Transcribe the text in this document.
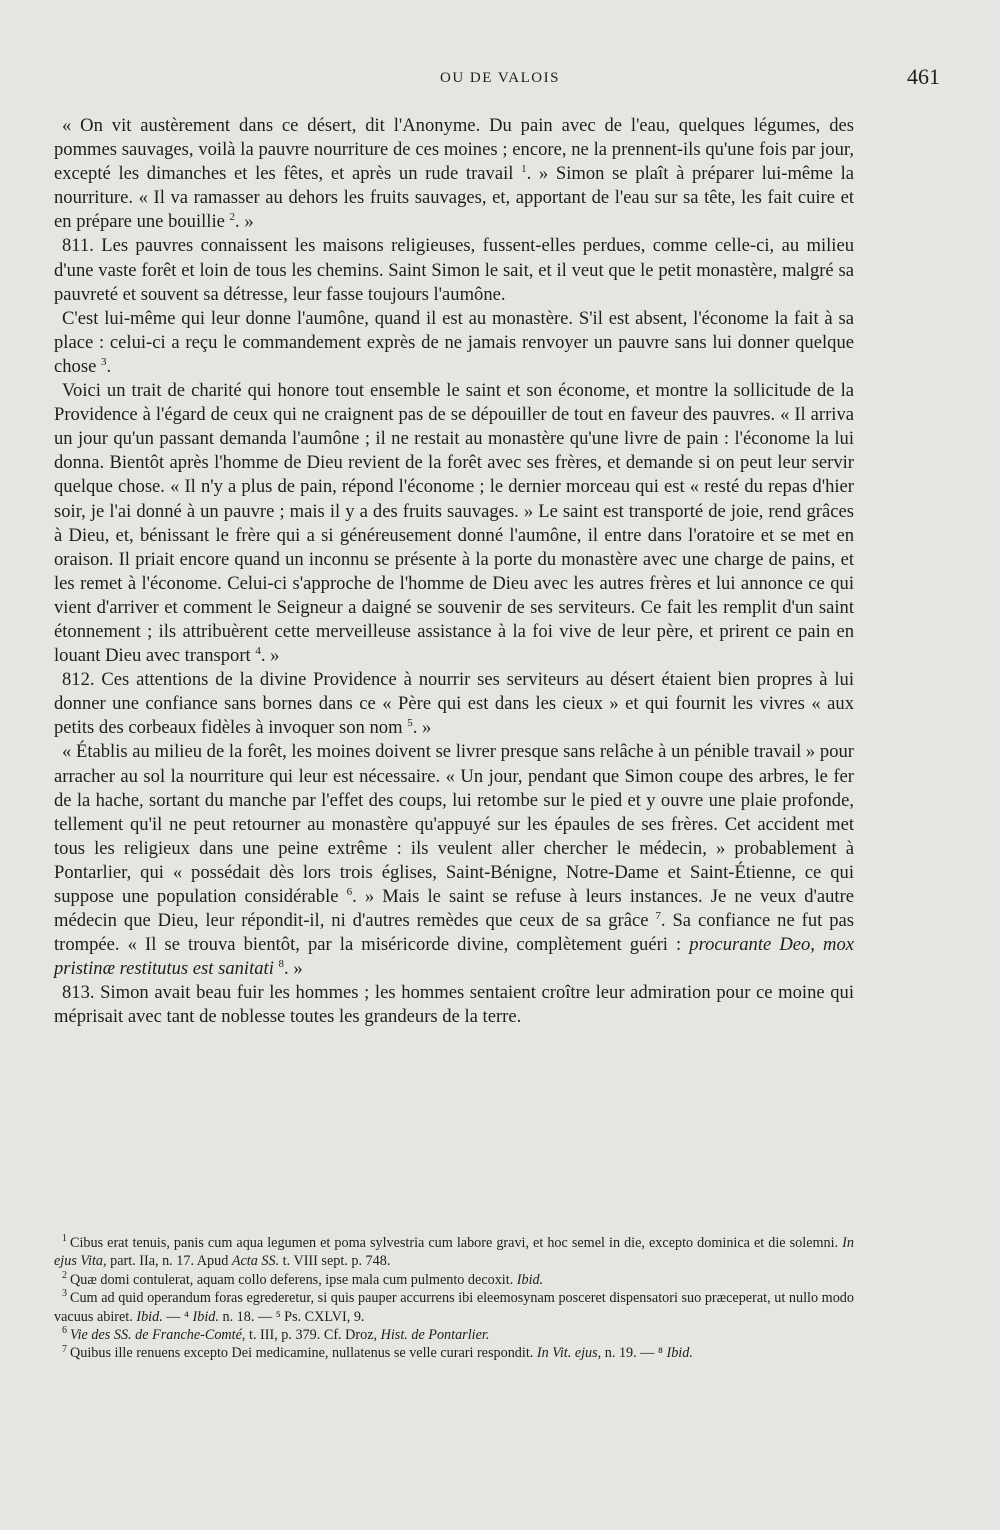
OU DE VALOIS	461

« On vit austèrement dans ce désert, dit l'Anonyme. Du pain avec de l'eau, quelques légumes, des pommes sauvages, voilà la pauvre nourriture de ces moines ; encore, ne la prennent-ils qu'une fois par jour, excepté les dimanches et les fêtes, et après un rude travail $^1$. » Simon se plaît à préparer lui-même la nourriture. « Il va ramasser au dehors les fruits sauvages, et, apportant de l'eau sur sa tête, les fait cuire et en prépare une bouillie $^2$. »

811. Les pauvres connaissent les maisons religieuses, fussent-elles perdues, comme celle-ci, au milieu d'une vaste forêt et loin de tous les chemins. Saint Simon le sait, et il veut que le petit monastère, malgré sa pauvreté et souvent sa détresse, leur fasse toujours l'aumône.

C'est lui-même qui leur donne l'aumône, quand il est au monastère. S'il est absent, l'économe la fait à sa place : celui-ci a reçu le commandement exprès de ne jamais renvoyer un pauvre sans lui donner quelque chose $^3$.

Voici un trait de charité qui honore tout ensemble le saint et son économe, et montre la sollicitude de la Providence à l'égard de ceux qui ne craignent pas de se dépouiller de tout en faveur des pauvres. « Il arriva un jour qu'un passant demanda l'aumône ; il ne restait au monastère qu'une livre de pain : l'économe la lui donna. Bientôt après l'homme de Dieu revient de la forêt avec ses frères, et demande si on peut leur servir quelque chose. « Il n'y a plus de pain, répond l'économe ; le dernier morceau qui est « resté du repas d'hier soir, je l'ai donné à un pauvre ; mais il y a des fruits sauvages. » Le saint est transporté de joie, rend grâces à Dieu, et, bénissant le frère qui a si généreusement donné l'aumône, il entre dans l'oratoire et se met en oraison. Il priait encore quand un inconnu se présente à la porte du monastère avec une charge de pains, et les remet à l'économe. Celui-ci s'approche de l'homme de Dieu avec les autres frères et lui annonce ce qui vient d'arriver et comment le Seigneur a daigné se souvenir de ses serviteurs. Ce fait les remplit d'un saint étonnement ; ils attribuèrent cette merveilleuse assistance à la foi vive de leur père, et prirent ce pain en louant Dieu avec transport $^4$. »

812. Ces attentions de la divine Providence à nourrir ses serviteurs au désert étaient bien propres à lui donner une confiance sans bornes dans ce « Père qui est dans les cieux » et qui fournit les vivres « aux petits des corbeaux fidèles à invoquer son nom $^5$. »

« Établis au milieu de la forêt, les moines doivent se livrer presque sans relâche à un pénible travail » pour arracher au sol la nourriture qui leur est nécessaire. « Un jour, pendant que Simon coupe des arbres, le fer de la hache, sortant du manche par l'effet des coups, lui retombe sur le pied et y ouvre une plaie profonde, tellement qu'il ne peut retourner au monastère qu'appuyé sur les épaules de ses frères. Cet accident met tous les religieux dans une peine extrême : ils veulent aller chercher le médecin, » probablement à Pontarlier, qui « possédait dès lors trois églises, Saint-Bénigne, Notre-Dame et Saint-Étienne, ce qui suppose une population considérable $^6$. » Mais le saint se refuse à leurs instances. Je ne veux d'autre médecin que Dieu, leur répondit-il, ni d'autres remèdes que ceux de sa grâce $^7$. Sa confiance ne fut pas trompée. « Il se trouva bientôt, par la miséricorde divine, complètement guéri : procurante Deo, mox pristinæ restitutus est sanitati $^8$. »

813. Simon avait beau fuir les hommes ; les hommes sentaient croître leur admiration pour ce moine qui méprisait avec tant de noblesse toutes les grandeurs de la terre.

$^1$ Cibus erat tenuis, panis cum aqua legumen et poma sylvestria cum labore gravi, et hoc semel in die, excepto dominica et die solemni. In ejus Vita, part. IIa, n. 17. Apud Acta SS. t. VIII sept. p. 748.

$^2$ Quæ domi contulerat, aquam collo deferens, ipse mala cum pulmento decoxit. Ibid.

$^3$ Cum ad quid operandum foras egrederetur, si quis pauper accurrens ibi eleemosynam posceret dispensatori suo præceperat, ut nullo modo vacuus abiret. Ibid. — ⁴ Ibid. n. 18. — ⁵ Ps. CXLVI, 9.

$^6$ Vie des SS. de Franche-Comté, t. III, p. 379. Cf. Droz, Hist. de Pontarlier.

$^7$ Quibus ille renuens excepto Dei medicamine, nullatenus se velle curari respondit. In Vit. ejus, n. 19. — ⁸ Ibid.
